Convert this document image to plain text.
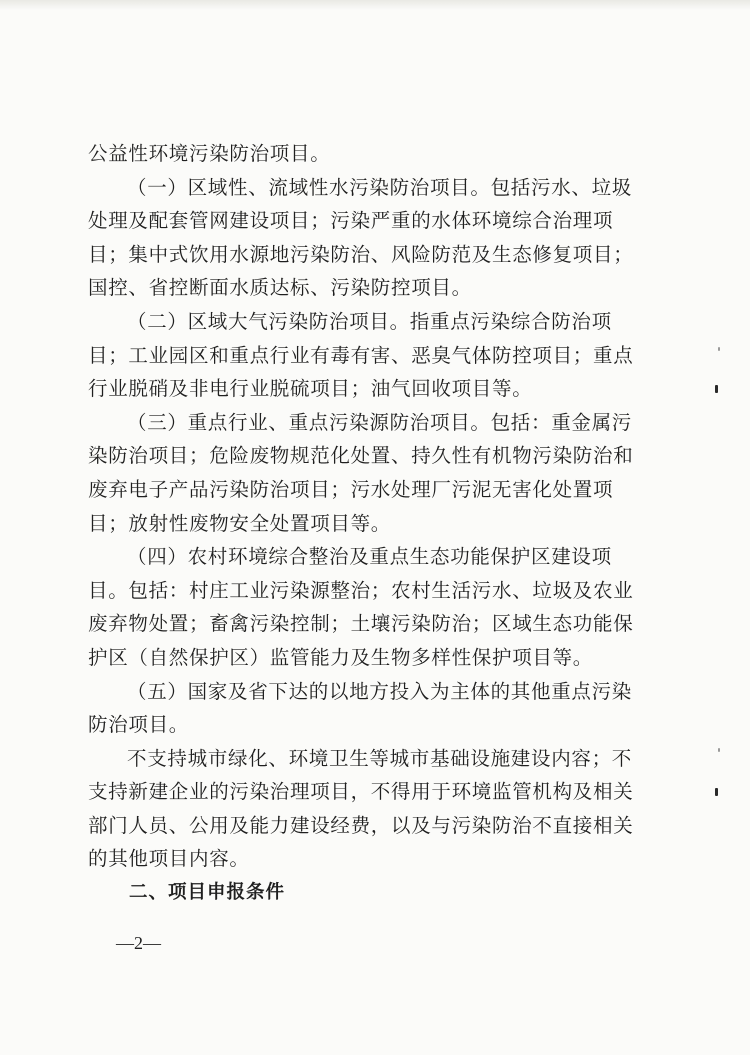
公益性环境污染防治项目。

（一）区域性、流域性水污染防治项目。包括污水、垃圾处理及配套管网建设项目；污染严重的水体环境综合治理项目；集中式饮用水源地污染防治、风险防范及生态修复项目；国控、省控断面水质达标、污染防控项目。

（二）区域大气污染防治项目。指重点污染综合防治项目；工业园区和重点行业有毒有害、恶臭气体防控项目；重点行业脱硝及非电行业脱硫项目；油气回收项目等。

（三）重点行业、重点污染源防治项目。包括：重金属污染防治项目；危险废物规范化处置、持久性有机物污染防治和废弃电子产品污染防治项目；污水处理厂污泥无害化处置项目；放射性废物安全处置项目等。

（四）农村环境综合整治及重点生态功能保护区建设项目。包括：村庄工业污染源整治；农村生活污水、垃圾及农业废弃物处置；畜禽污染控制；土壤污染防治；区域生态功能保护区（自然保护区）监管能力及生物多样性保护项目等。

（五）国家及省下达的以地方投入为主体的其他重点污染防治项目。

不支持城市绿化、环境卫生等城市基础设施建设内容；不支持新建企业的污染治理项目，不得用于环境监管机构及相关部门人员、公用及能力建设经费，以及与污染防治不直接相关的其他项目内容。

二、项目申报条件

—2—
